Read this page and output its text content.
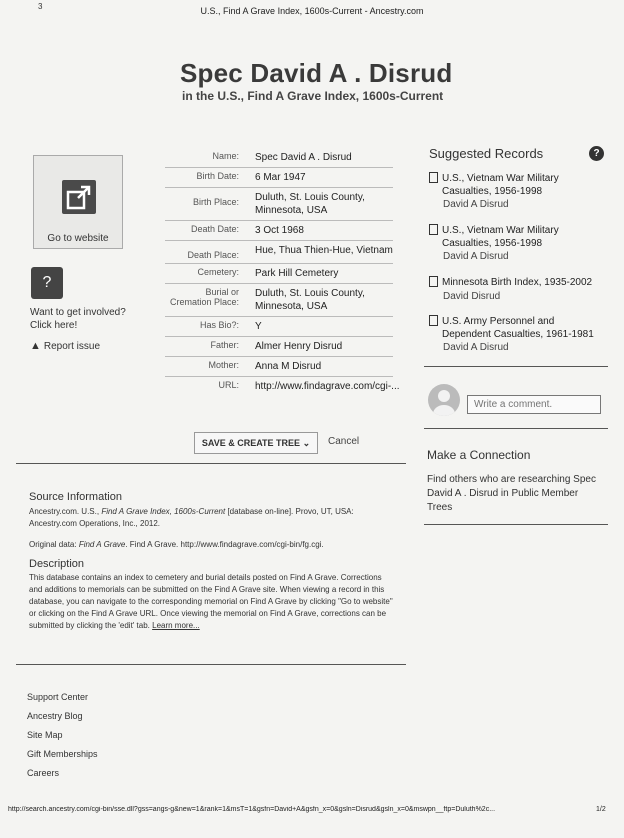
3	U.S., Find A Grave Index, 1600s-Current - Ancestry.com
Spec David A . Disrud
in the U.S., Find A Grave Index, 1600s-Current
Go to website
?
Want to get involved? Click here!
▲ Report issue
Name:	Spec David A . Disrud
Birth Date:	6 Mar 1947
Birth Place:	Duluth, St. Louis County, Minnesota, USA
Death Date:	3 Oct 1968
Death Place:	Hue, Thua Thien-Hue, Vietnam
Cemetery:	Park Hill Cemetery
Burial or Cremation Place:
Duluth, St. Louis County, Minnesota, USA
Has Bio?:	Y
Father:	Almer Henry Disrud
Mother:	Anna M Disrud
URL:	http://www.findagrave.com/cgi-...
SAVE & CREATE TREE ⌄	Cancel
Source Information
Ancestry.com. U.S., Find A Grave Index, 1600s-Current [database on-line]. Provo, UT, USA: Ancestry.com Operations, Inc., 2012.
Original data: Find A Grave. Find A Grave. http://www.findagrave.com/cgi-bin/fg.cgi.
Description
This database contains an index to cemetery and burial details posted on Find A Grave. Corrections and additions to memorials can be submitted on the Find A Grave site. When viewing a record in this database, you can navigate to the corresponding memorial on Find A Grave by clicking "Go to website" or clicking on the Find A Grave URL. Once viewing the memorial on Find A Grave, corrections can be submitted by clicking the 'edit' tab. Learn more...
Support Center
Ancestry Blog
Site Map
Gift Memberships
Careers
http://search.ancestry.com/cgi-bin/sse.dll?gss=angs-g&new=1&rank=1&msT=1&gsfn=David+A&gsfn_x=0&gsln=Disrud&gsln_x=0&mswpn__ftp=Duluth%2c...	1/2
Suggested Records	?
U.S., Vietnam War Military Casualties, 1956-1998
David A Disrud
U.S., Vietnam War Military Casualties, 1956-1998
David A Disrud
Minnesota Birth Index, 1935-2002
David Disrud
U.S. Army Personnel and Dependent Casualties, 1961-1981
David A Disrud
Write a comment.
Make a Connection
Find others who are researching Spec David A . Disrud in Public Member Trees
